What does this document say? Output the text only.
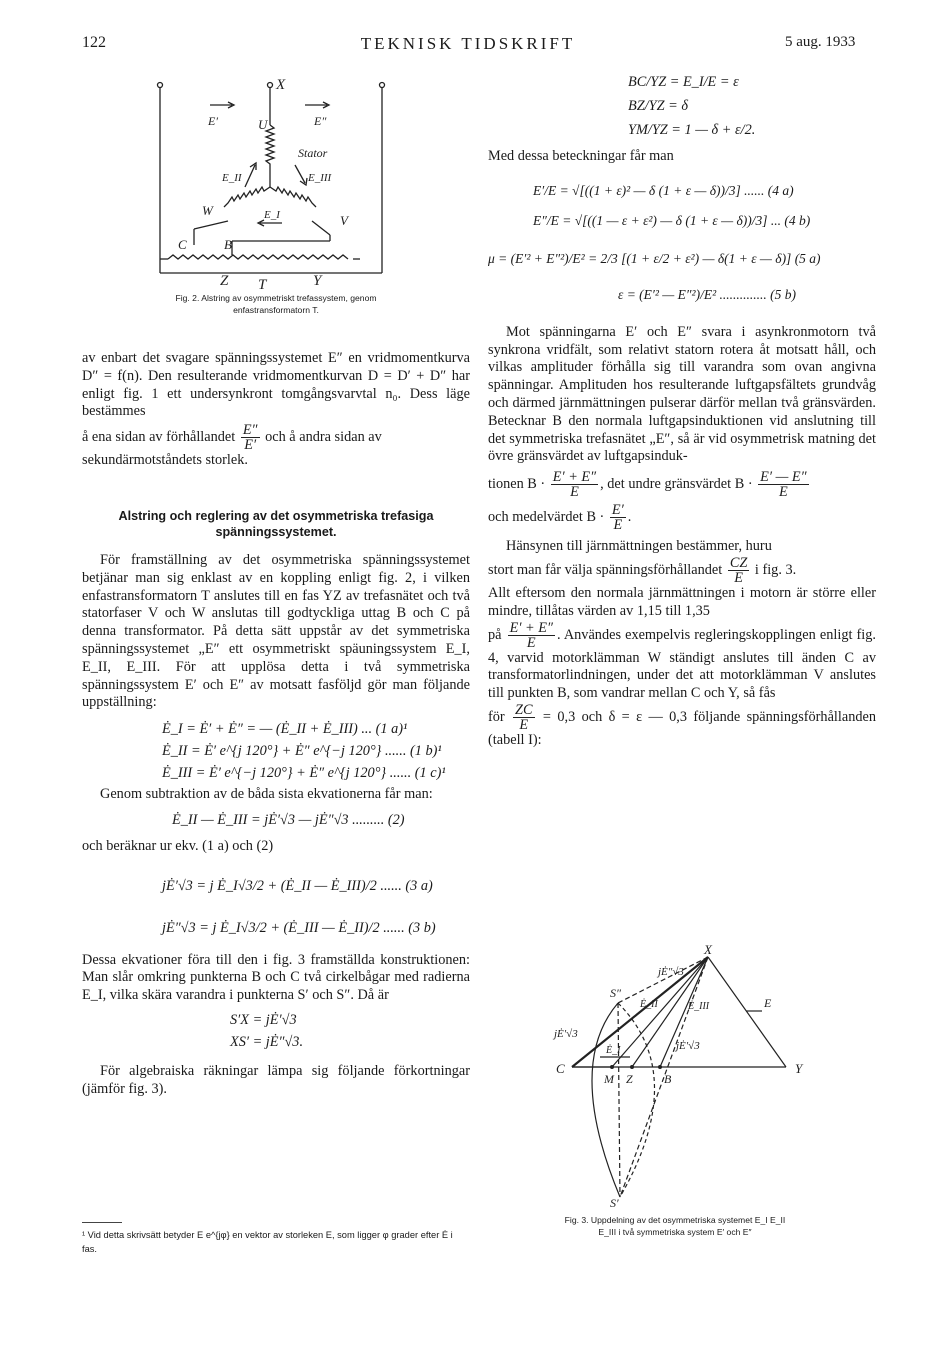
122	TEKNISK TIDSKRIFT	5 aug. 1933
X
U
V
W
Y
Z T
B
C
Stator
E′	E″
E_I
E_II	E_III
Fig. 2. Alstring av osymmetriskt trefassystem, genom enfastransformatorn T.

av enbart det svagare spänningssystemet E″ en vridmomentkurva D″ = f(n). Den resulterande vridmomentkurvan D = D′ + D″ har enligt fig. 1 ett undersynkront tomgångsvarvtal n₀. Dess läge bestämmes

å ena sidan av förhållandet $\frac{E''}{E'}$ och å andra sidan av

sekundärmotståndets storlek.

Alstring och reglering av det osymmetriska trefasiga spänningssystemet.

För framställning av det osymmetriska spänningssystemet betjänar man sig enklast av en koppling enligt fig. 2, i vilken enfastransformatorn T anslutes till en fas YZ av trefasnätet och två statorfaser V och W anslutas till godtyckliga uttag B och C på denna transformator. På detta sätt uppstår av det symmetriska spänningssystemet „E″ ett osymmetriskt späuningssystem E_I, E_II, E_III. För att upplösa detta i två symmetriska spänningssystem E′ och E″ av motsatt fasföljd gör man följande uppställning:

Ė_I = Ė′ + Ė″ = — (Ė_II + Ė_III) ... (1 a)¹
Ė_II = Ė′ e^{j 120°} + Ė″ e^{−j 120°} ...... (1 b)¹
Ė_III = Ė′ e^{−j 120°} + Ė″ e^{j 120°} ...... (1 c)¹

Genom subtraktion av de båda sista ekvationerna får man:

Ė_II — Ė_III = jĖ′√3 — jĖ″√3 ......... (2)

och beräknar ur ekv. (1 a) och (2)

jĖ′√3 = j Ė_I√3/2 + (Ė_II — Ė_III)/2 ...... (3 a)
jĖ″√3 = j Ė_I√3/2 + (Ė_III — Ė_II)/2 ...... (3 b)

Dessa ekvationer föra till den i fig. 3 framställda konstruktionen: Man slår omkring punkterna B och C två cirkelbågar med radierna E_I, vilka skära varandra i punkterna S′ och S″. Då är

S′X = jĖ′√3
XS′ = jĖ″√3.

För algebraiska räkningar lämpa sig följande förkortningar (jämför fig. 3).

¹ Vid detta skrivsätt betyder E e^{jφ} en vektor av storleken E, som ligger φ grader efter Ė i fas.
BC/YZ = E_I/E = ε
BZ/YZ = δ
YM/YZ = 1 — δ + ε/2.

Med dessa beteckningar får man

E′/E = √[((1 + ε)² — δ (1 + ε — δ))/3] ...... (4 a)
E″/E = √[((1 — ε + ε²) — δ (1 + ε — δ))/3] ... (4 b)
μ = (E′² + E″²)/E² = 2/3 [(1 + ε/2 + ε²) — δ(1 + ε — δ)] (5 a)
ε = (E′² — E″²)/E² .............. (5 b)

Mot spänningarna E′ och E″ svara i asynkronmotorn två synkrona vridfält, som relativt statorn rotera åt motsatt håll, och vilkas amplituder förhålla sig till varandra som ovan angivna spänningar. Amplituden hos resulterande luftgapsfältets grundvåg och därmed järnmättningen pulserar därför mellan två gränsvärden. Betecknar B den normala luftgapsinduktionen vid anslutning till det symmetriska trefasnätet „E″, så är vid osymmetrisk matning det övre gränsvärdet av luftgapsinduk-

tionen $B \cdot \frac{E' + E''}{E}$ , det undre gränsvärdet $B \cdot \frac{E' — E''}{E}$

och medelvärdet $B \cdot \frac{E'}{E}$ .

Hänsynen till järnmättningen bestämmer, huru

stort man får välja spänningsförhållandet $\frac{CZ}{E}$ i fig. 3.

Allt eftersom den normala järnmättningen i motorn är större eller mindre, tillåtas värden av 1,15 till 1,35

på $\frac{E' + E''}{E}$ . Användes exempelvis regleringskopplingen enligt fig. 4, varvid motorklämman W ständigt anslutes till änden C av transformatorlindningen, under det att motorklämman V anslutes till punkten B, som vandrar mellan C och Y, så fås

för $\frac{ZC}{E} = 0,3$ och δ = ε — 0,3 följande spänningsförhållanden (tabell I):

X
Y
C
M Z	B
S′
S″
E
jĖ″√3
jĖ′√3
jĖ′√3
Ė_II	Ė_III
Ė_I
jĖ″√3
Fig. 3. Uppdelning av det osymmetriska systemet E_I E_II E_III i två symmetriska system E′ och E″
